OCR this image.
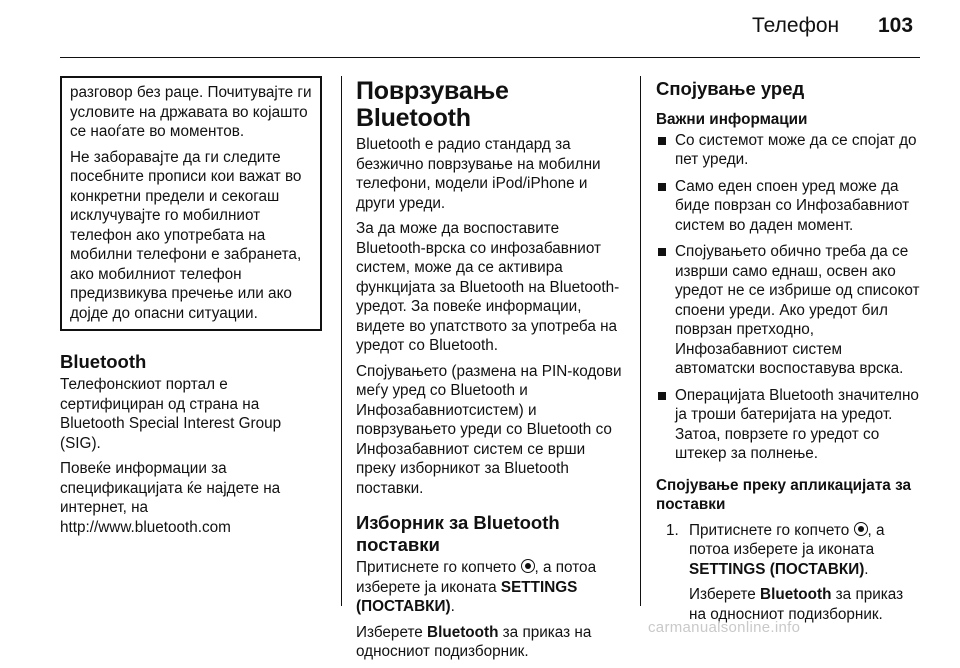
Телефон 103

разговор без раце. Почитувајте ги условите на државата во којашто се наоѓате во моментов.

Не заборавајте да ги следите посебните прописи кои важат во конкретни предели и секогаш исклучувајте го мобилниот телефон ако употребата на мобилни телефони е забранета, ако мобилниот телефон предизвикува пречење или ако дојде до опасни ситуации.

Bluetooth

Телефонскиот портал е сертифициран од страна на Bluetooth Special Interest Group (SIG).

Повеќе информации за спецификацијата ќе најдете на интернет, на

http://www.bluetooth.com

Поврзување Bluetooth

Bluetooth е радио стандард за безжично поврзување на мобилни телефони, модели iPod/iPhone и други уреди.

За да може да воспоставите Bluetooth-врска со инфозабавниот систем, може да се активира функцијата за Bluetooth на Bluetooth-уредот. За повеќе информации, видете во упатството за употреба на уредот со Bluetooth.

Спојувањето (размена на PIN-кодови меѓу уред со Bluetooth и Инфозабавниотсистем) и поврзувањето уреди со Bluetooth со Инфозабавниот систем се врши преку изборникот за Bluetooth поставки.

Изборник за Bluetooth поставки

Притиснете го копчето , а потоа изберете ја иконата SETTINGS (ПОСТАВКИ).

Изберете Bluetooth за приказ на односниот подизборник.

Спојување уред
Важни информации
Со системот може да се спојат до пет уреди.
Само еден споен уред може да биде поврзан со Инфозабавниот систем во даден момент.
Спојувањето обично треба да се изврши само еднаш, освен ако уредот не се избрише од списокот споени уреди. Ако уредот бил поврзан претходно, Инфозабавниот систем автоматски воспоставува врска.
Операцијата Bluetooth значително ја троши батеријата на уредот. Затоа, поврзете го уредот со штекер за полнење.
Спојување преку апликацијата за поставки
1. Притиснете го копчето , а потоа изберете ја иконата SETTINGS (ПОСТАВКИ).
Изберете Bluetooth за приказ на односниот подизборник.
carmanualsonline.info
